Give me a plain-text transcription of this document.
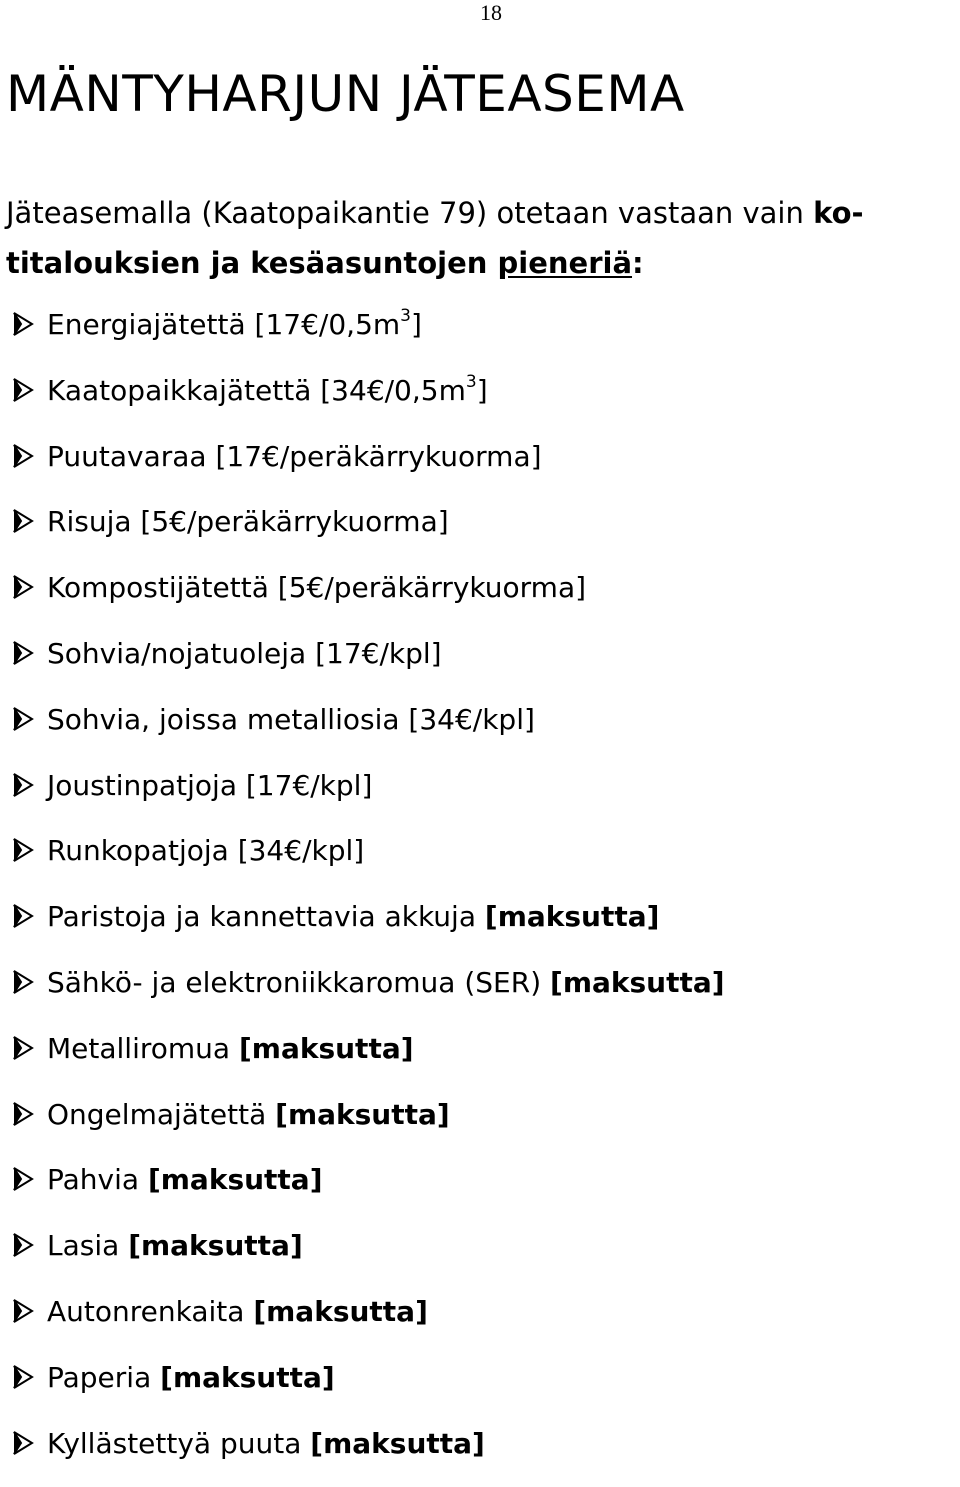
18
MÄNTYHARJUN JÄTEASEMA
Jäteasemalla (Kaatopaikantie 79) otetaan vastaan vain ko-
titalouksien ja kesäasuntojen pieneriä:
Energiajätettä $[17€/0,5m^3]$
Kaatopaikkajätettä $[34€/0,5m^3]$
Puutavaraa [17€/peräkärrykuorma]
Risuja [5€/peräkärrykuorma]
Kompostijätettä [5€/peräkärrykuorma]
Sohvia/nojatuoleja [17€/kpl]
Sohvia, joissa metalliosia [34€/kpl]
Joustinpatjoja [17€/kpl]
Runkopatjoja [34€/kpl]
Paristoja ja kannettavia akkuja [maksutta]
Sähkö- ja elektroniikkaromua (SER) [maksutta]
Metalliromua [maksutta]
Ongelmajätettä [maksutta]
Pahvia [maksutta]
Lasia [maksutta]
Autonrenkaita [maksutta]
Paperia [maksutta]
Kyllästettyä puuta [maksutta]
